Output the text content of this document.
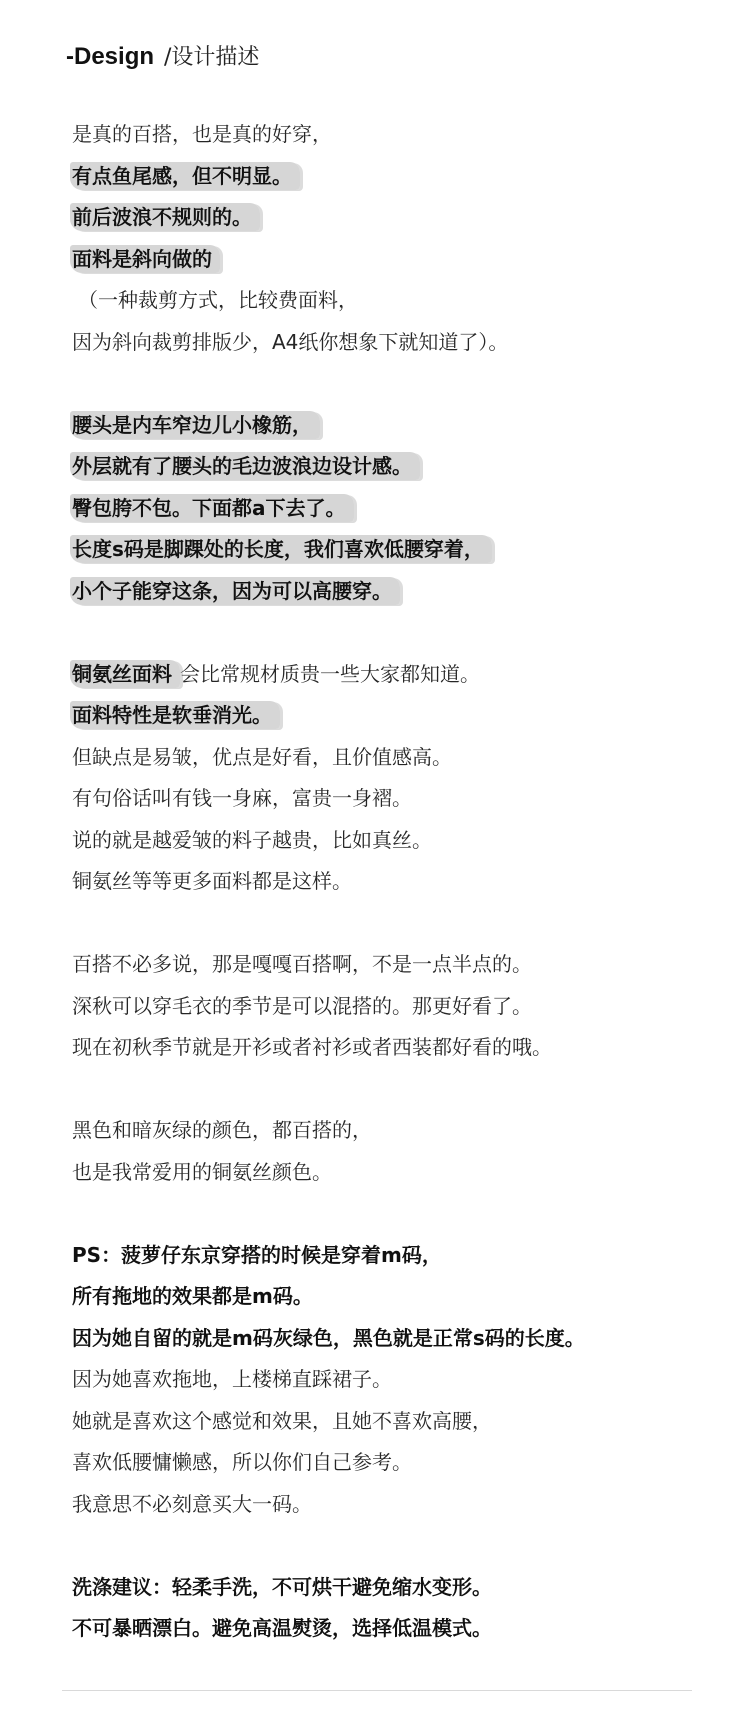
-Design /设计描述
是真的百搭，也是真的好穿，
有点鱼尾感，但不明显。
前后波浪不规则的。
面料是斜向做的
（一种裁剪方式，比较费面料，
因为斜向裁剪排版少，A4纸你想象下就知道了）。
腰头是内车窄边儿小橡筋，
外层就有了腰头的毛边波浪边设计感。
臀包胯不包。下面都a下去了。
长度s码是脚踝处的长度，我们喜欢低腰穿着，
小个子能穿这条，因为可以高腰穿。
铜氨丝面料 会比常规材质贵一些大家都知道。
面料特性是软垂消光。
但缺点是易皱，优点是好看，且价值感高。
有句俗话叫有钱一身麻，富贵一身褶。
说的就是越爱皱的料子越贵，比如真丝。
铜氨丝等等更多面料都是这样。
百搭不必多说，那是嘎嘎百搭啊，不是一点半点的。
深秋可以穿毛衣的季节是可以混搭的。那更好看了。
现在初秋季节就是开衫或者衬衫或者西装都好看的哦。
黑色和暗灰绿的颜色，都百搭的，
也是我常爱用的铜氨丝颜色。
PS：菠萝仔东京穿搭的时候是穿着m码，
所有拖地的效果都是m码。
因为她自留的就是m码灰绿色，黑色就是正常s码的长度。
因为她喜欢拖地，上楼梯直踩裙子。
她就是喜欢这个感觉和效果，且她不喜欢高腰，
喜欢低腰慵懒感，所以你们自己参考。
我意思不必刻意买大一码。
洗涤建议：轻柔手洗，不可烘干避免缩水变形。
不可暴晒漂白。避免高温熨烫，选择低温模式。
